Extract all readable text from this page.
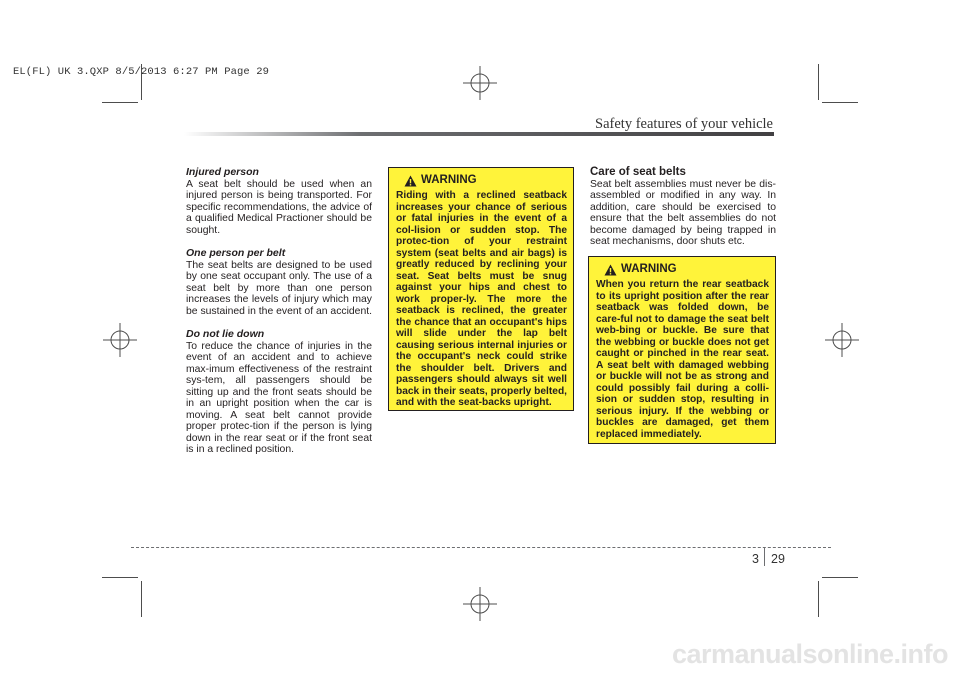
EL(FL) UK 3.QXP 8/5/2013 6:27 PM Page 29
Safety features of your vehicle

Injured person

A seat belt should be used when an injured person is being transported. For specific recommendations, the advice of a qualified Medical Practioner should be sought.

One person per belt

The seat belts are designed to be used by one seat occupant only. The use of a seat belt by more than one person increases the levels of injury which may be sustained in the event of an accident.

Do not lie down

To reduce the chance of injuries in the event of an accident and to achieve max-imum effectiveness of the restraint sys-tem, all passengers should be sitting up and the front seats should be in an upright position when the car is moving. A seat belt cannot provide proper protec-tion if the person is lying down in the rear seat or if the front seat is in a reclined position.

WARNING

Riding with a reclined seatback increases your chance of serious or fatal injuries in the event of a col-lision or sudden stop. The protec-tion of your restraint system (seat belts and air bags) is greatly reduced by reclining your seat. Seat belts must be snug against your hips and chest to work proper-ly. The more the seatback is reclined, the greater the chance that an occupant's hips will slide under the lap belt causing serious internal injuries or the occupant's neck could strike the shoulder belt. Drivers and passengers should always sit well back in their seats, properly belted, and with the seat-backs upright.

Care of seat belts

Seat belt assemblies must never be dis-assembled or modified in any way. In addition, care should be exercised to ensure that the belt assemblies do not become damaged by being trapped in seat mechanisms, door shuts etc.

WARNING

When you return the rear seatback to its upright position after the rear seatback was folded down, be care-ful not to damage the seat belt web-bing or buckle. Be sure that the webbing or buckle does not get caught or pinched in the rear seat. A seat belt with damaged webbing or buckle will not be as strong and could possibly fail during a colli-sion or sudden stop, resulting in serious injury. If the webbing or buckles are damaged, get them replaced immediately.

3 29
carmanualsonline.info
